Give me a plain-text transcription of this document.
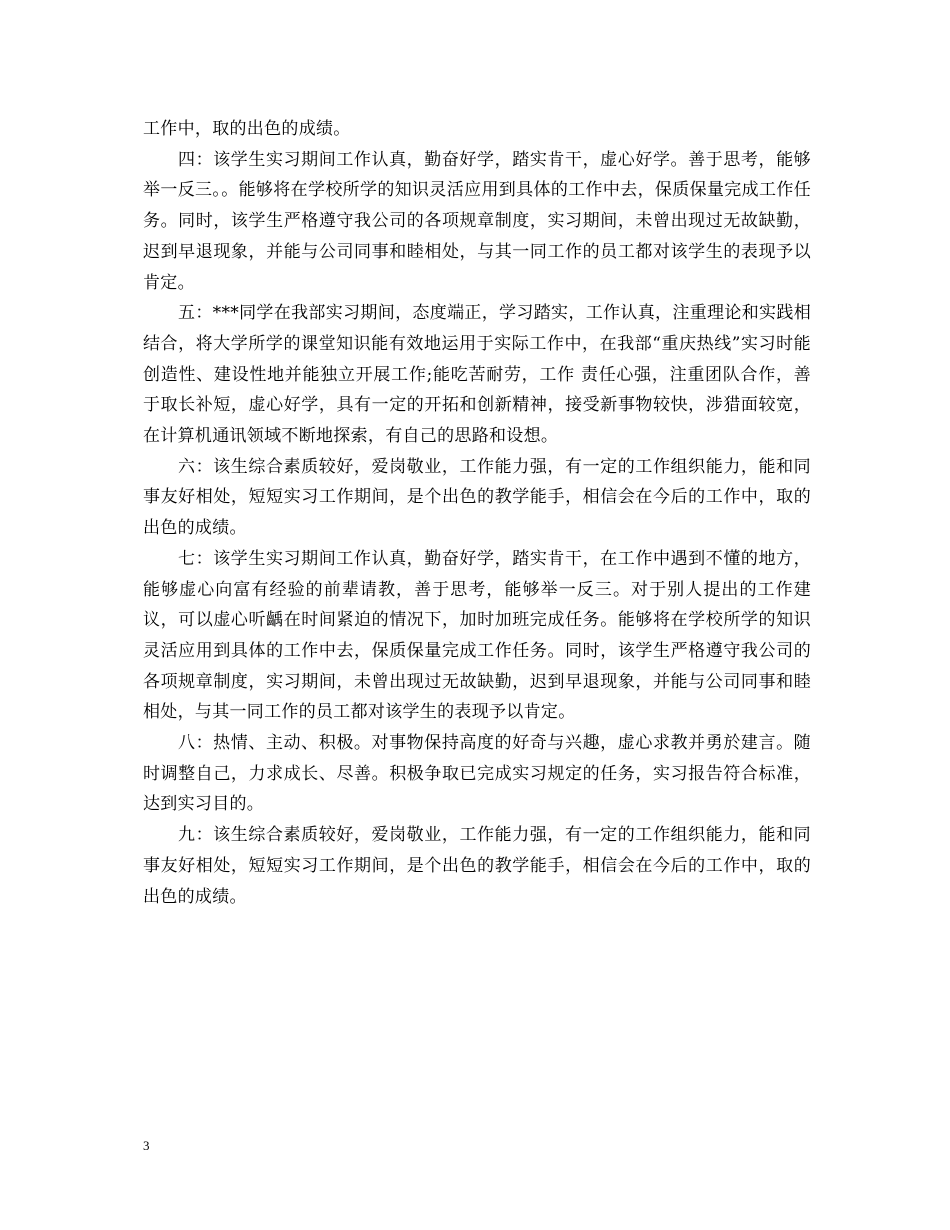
工作中，取的出色的成绩。

四：该学生实习期间工作认真，勤奋好学，踏实肯干，虚心好学。善于思考，能够举一反三。。能够将在学校所学的知识灵活应用到具体的工作中去，保质保量完成工作任务。同时，该学生严格遵守我公司的各项规章制度，实习期间，未曾出现过无故缺勤，迟到早退现象，并能与公司同事和睦相处，与其一同工作的员工都对该学生的表现予以肯定。

五：***同学在我部实习期间，态度端正，学习踏实，工作认真，注重理论和实践相结合，将大学所学的课堂知识能有效地运用于实际工作中，在我部“重庆热线”实习时能创造性、建设性地并能独立开展工作;能吃苦耐劳，工作 责任心强，注重团队合作，善于取长补短，虚心好学，具有一定的开拓和创新精神，接受新事物较快，涉猎面较宽，在计算机通讯领域不断地探索，有自己的思路和设想。

六：该生综合素质较好，爱岗敬业，工作能力强，有一定的工作组织能力，能和同事友好相处，短短实习工作期间，是个出色的教学能手，相信会在今后的工作中，取的出色的成绩。

七：该学生实习期间工作认真，勤奋好学，踏实肯干，在工作中遇到不懂的地方，能够虚心向富有经验的前辈请教，善于思考，能够举一反三。对于别人提出的工作建议，可以虚心听齲在时间紧迫的情况下，加时加班完成任务。能够将在学校所学的知识灵活应用到具体的工作中去，保质保量完成工作任务。同时，该学生严格遵守我公司的各项规章制度，实习期间，未曾出现过无故缺勤，迟到早退现象，并能与公司同事和睦相处，与其一同工作的员工都对该学生的表现予以肯定。

八：热情、主动、积极。对事物保持高度的好奇与兴趣，虚心求教并勇於建言。随时调整自己，力求成长、尽善。积极争取已完成实习规定的任务，实习报告符合标准，达到实习目的。

九：该生综合素质较好，爱岗敬业，工作能力强，有一定的工作组织能力，能和同事友好相处，短短实习工作期间，是个出色的教学能手，相信会在今后的工作中，取的出色的成绩。

3
